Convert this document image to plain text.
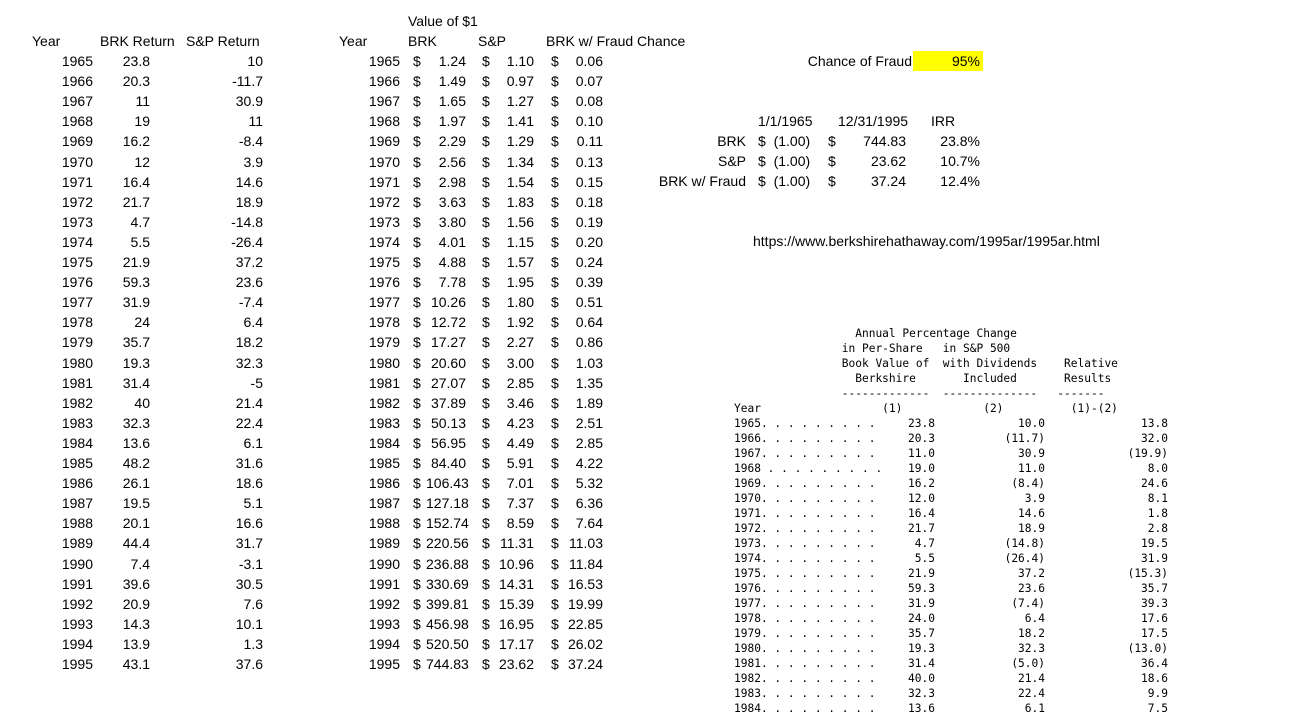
Year	BRK Return S&P Return
1965	23.8	10
1966	20.3	-11.7
1967	11	30.9
1968	19	11
1969	16.2	-8.4
1970	12	3.9
1971	16.4	14.6
1972	21.7	18.9
1973	4.7	-14.8
1974	5.5	-26.4
1975	21.9	37.2
1976	59.3	23.6
1977	31.9	-7.4
1978	24	6.4
1979	35.7	18.2
1980	19.3	32.3
1981	31.4	-5
1982	40	21.4
1983	32.3	22.4
1984	13.6	6.1
1985	48.2	31.6
1986	26.1	18.6
1987	19.5	5.1
1988	20.1	16.6
1989	44.4	31.7
1990	7.4	-3.1
1991	39.6	30.5
1992	20.9	7.6
1993	14.3	10.1
1994	13.9	1.3
1995	43.1	37.6
Value of $1
Year	BRK	S&P	BRK w/ Fraud Chance
1965 $	1.24 $	1.10 $	0.06
1966 $	1.49 $	0.97 $	0.07
1967 $	1.65 $	1.27 $	0.08
1968 $	1.97 $	1.41 $	0.10
1969 $	2.29 $	1.29 $	0.11
1970 $	2.56 $	1.34 $	0.13
1971 $	2.98 $	1.54 $	0.15
1972 $	3.63 $	1.83 $	0.18
1973 $	3.80 $	1.56 $	0.19
1974 $	4.01 $	1.15 $	0.20
1975 $	4.88 $	1.57 $	0.24
1976 $	7.78 $	1.95 $	0.39
1977 $ 10.26 $	1.80 $	0.51
1978 $ 12.72 $	1.92 $	0.64
1979 $ 17.27 $	2.27 $	0.86
1980 $ 20.60 $	3.00 $	1.03
1981 $ 27.07 $	2.85 $	1.35
1982 $ 37.89 $	3.46 $	1.89
1983 $ 50.13 $	4.23 $	2.51
1984 $ 56.95 $	4.49 $	2.85
1985 $ 84.40 $	5.91 $	4.22
1986 $ 106.43 $	7.01 $	5.32
1987 $ 127.18 $	7.37 $	6.36
1988 $ 152.74 $	8.59 $	7.64
1989 $ 220.56 $ 11.31 $ 11.03
1990 $ 236.88 $ 10.96 $ 11.84
1991 $ 330.69 $ 14.31 $ 16.53
1992 $ 399.81 $ 15.39 $ 19.99
1993 $ 456.98 $ 16.95 $ 22.85
1994 $ 520.50 $ 17.17 $ 26.02
1995 $ 744.83 $ 23.62 $ 37.24
Chance of Fraud	95%
1/1/1965 12/31/1995 IRR
BRK $  (1.00) $	744.83	23.8%
S&P $  (1.00) $	23.62	10.7%
BRK w/ Fraud $  (1.00) $	37.24	12.4%
https://www.berkshirehathaway.com/1995ar/1995ar.html
Annual Percentage Change
in Per-Share   in S&P 500
Book Value of  with Dividends    Relative
Berkshire       Included       Results
-------------  --------------   -------
Year                  (1)            (2)          (1)-(2)
1965. . . . . . . . .	23.8	10.0	13.8
1966. . . . . . . . .	20.3	(11.7)	32.0
1967. . . . . . . . .	11.0	30.9	(19.9)
1968 . . . . . . . . .	19.0	11.0	8.0
1969. . . . . . . . .	16.2	(8.4)	24.6
1970. . . . . . . . .	12.0	3.9	8.1
1971. . . . . . . . .	16.4	14.6	1.8
1972. . . . . . . . .	21.7	18.9	2.8
1973. . . . . . . . .	4.7	(14.8)	19.5
1974. . . . . . . . .	5.5	(26.4)	31.9
1975. . . . . . . . .	21.9	37.2	(15.3)
1976. . . . . . . . .	59.3	23.6	35.7
1977. . . . . . . . .	31.9	(7.4)	39.3
1978. . . . . . . . .	24.0	6.4	17.6
1979. . . . . . . . .	35.7	18.2	17.5
1980. . . . . . . . .	19.3	32.3	(13.0)
1981. . . . . . . . .	31.4	(5.0)	36.4
1982. . . . . . . . .	40.0	21.4	18.6
1983. . . . . . . . .	32.3	22.4	9.9
1984. . . . . . . . .	13.6	6.1	7.5
